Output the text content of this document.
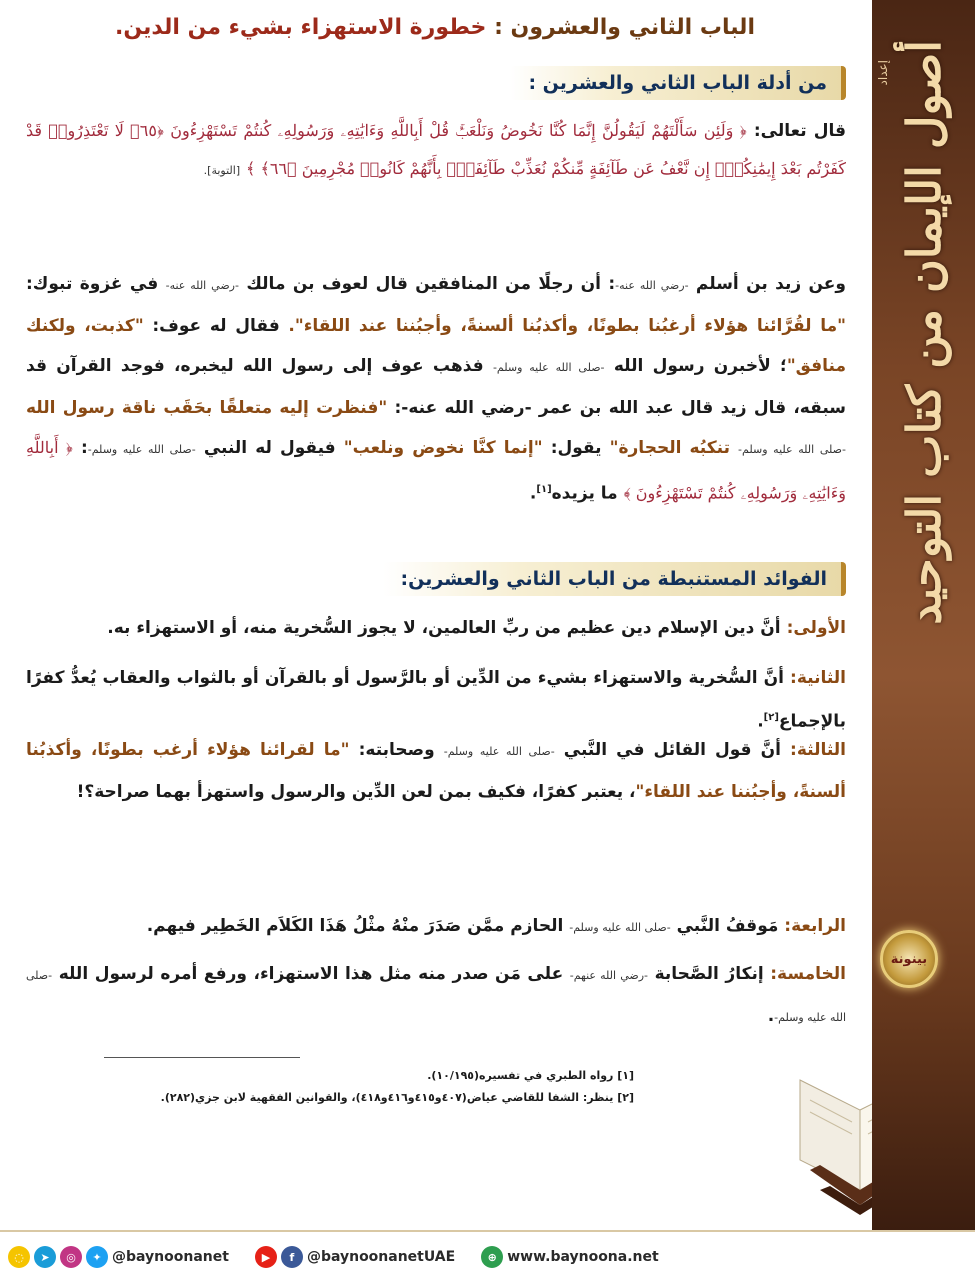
الباب الثاني والعشرون : خطورة الاستهزاء بشيء من الدين.
من أدلة الباب الثاني والعشرين :
قال تعالى: ﴿ وَلَئِن سَأَلْتَهُمْ لَيَقُولُنَّ إِنَّمَا كُنَّا نَخُوضُ وَنَلْعَبُۚ قُلْ أَبِاللَّهِ وَءَايَٰتِهِۦ وَرَسُولِهِۦ كُنتُمْ تَسْتَهْزِءُونَ ﴿٦٥﴾ لَا تَعْتَذِرُوا۟ قَدْ كَفَرْتُم بَعْدَ إِيمَٰنِكُمْۚ إِن نَّعْفُ عَن طَآئِفَةٍ مِّنكُمْ نُعَذِّبْ طَآئِفَةًۢ بِأَنَّهُمْ كَانُوا۟ مُجْرِمِينَ ﴿٦٦﴾ ﴾ [التوبة].
وعن زيد بن أسلم -رضي الله عنه-: أن رجلًا من المنافقين قال لعوف بن مالك -رضي الله عنه- في غزوة تبوك: "ما لقُرَّائنا هؤلاء أرغبُنا بطونًا، وأكذبُنا ألسنةً، وأجبُننا عند اللقاء". فقال له عوف: "كذبت، ولكنك منافق"؛ لأخبرن رسول الله -صلى الله عليه وسلم- فذهب عوف إلى رسول الله ليخبره، فوجد القرآن قد سبقه، قال زيد قال عبد الله بن عمر -رضي الله عنه-: "فنظرت إليه متعلقًا بحَقَب ناقة رسول الله -صلى الله عليه وسلم- تنكبُه الحجارة" يقول: "إنما كنَّا نخوض ونلعب" فيقول له النبي -صلى الله عليه وسلم-: ﴿ أَبِاللَّهِ وَءَايَٰتِهِۦ وَرَسُولِهِۦ كُنتُمْ تَسْتَهْزِءُونَ ﴾ ما يزيده[١].
الفوائد المستنبطة من الباب الثاني والعشرين:
الأولى: أنَّ دين الإسلام دين عظيم من ربِّ العالمين، لا يجوز السُّخرية منه، أو الاستهزاء به.
الثانية: أنَّ السُّخرية والاستهزاء بشيء من الدِّين أو بالرَّسول أو بالقرآن أو بالثواب والعقاب يُعدُّ كفرًا بالإجماع[٢].
الثالثة: أنَّ قول القائل في النَّبي -صلى الله عليه وسلم- وصحابته: "ما لقرائنا هؤلاء أرغب بطونًا، وأكذبُنا ألسنةً، وأجبُننا عند اللقاء"، يعتبر كفرًا، فكيف بمن لعن الدِّين والرسول واستهزأ بهما صراحة؟!
الرابعة: مَوقفُ النَّبي -صلى الله عليه وسلم- الحازم ممَّن صَدَرَ منْهُ مثْلُ هَذَا الكَلاَم الخَطِير فيهم.
الخامسة: إنكارُ الصَّحابة -رضي الله عنهم- على مَن صدر منه مثل هذا الاستهزاء، ورفع أمره لرسول الله -صلى الله عليه وسلم-.
[١] رواه الطبري في تفسيره(١٠/١٩٥).
[٢] ينظر: الشفا للقاضي عياض(٤٠٧و٤١٥و٤١٦و٤١٨)، والقوانين الفقهية لابن جزي(٢٨٢).
أصول الإيمان من كتاب التوحيد
إعداد
بينونة
◌	➤	◎	✦ @baynoonanet	▶	f @baynoonanetUAE	⊕ www.baynoona.net
